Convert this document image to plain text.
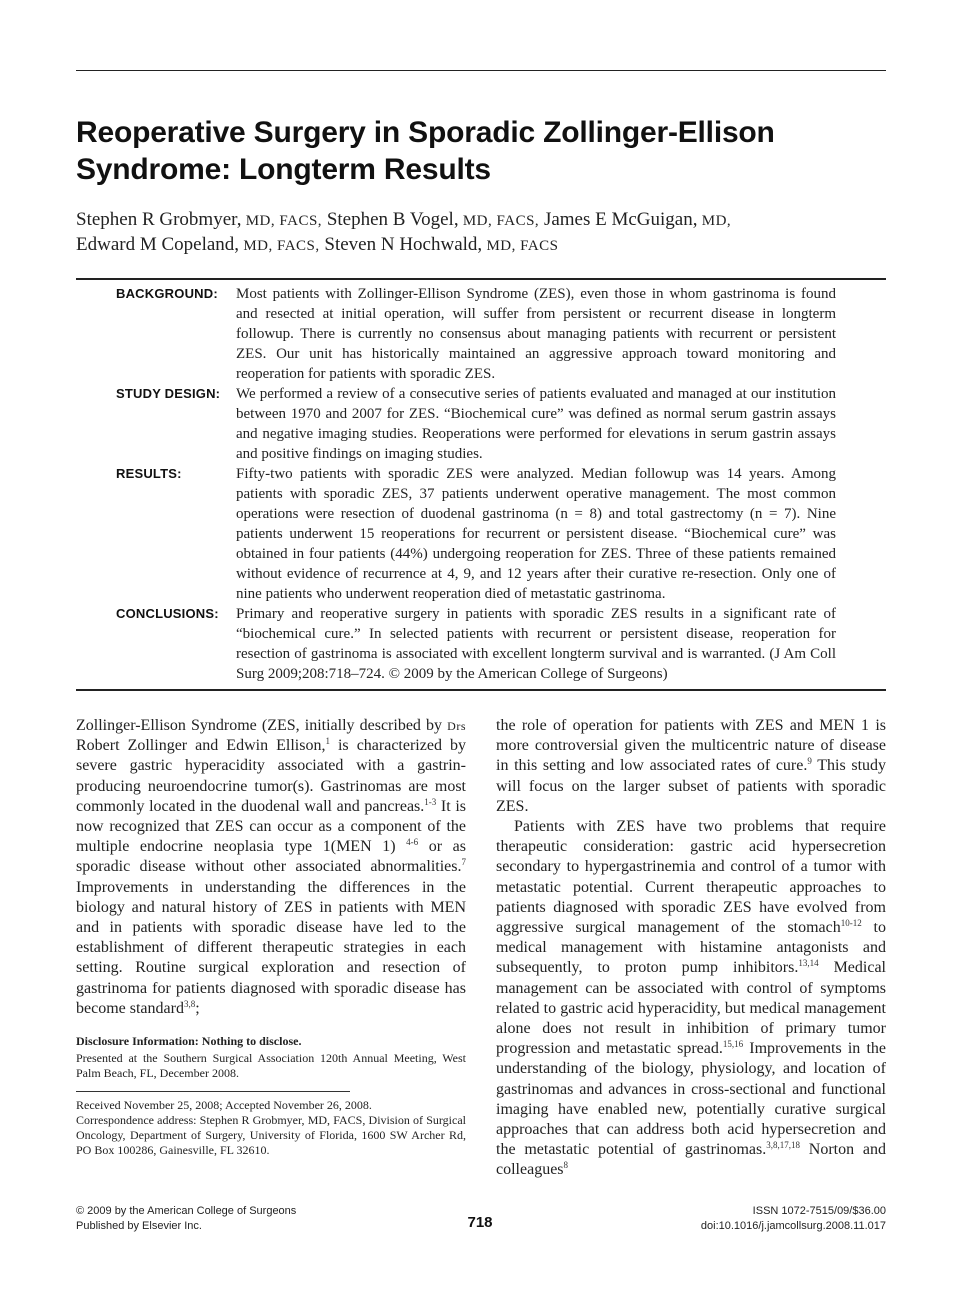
Reoperative Surgery in Sporadic Zollinger-Ellison Syndrome: Longterm Results
Stephen R Grobmyer, MD, FACS, Stephen B Vogel, MD, FACS, James E McGuigan, MD,
Edward M Copeland, MD, FACS, Steven N Hochwald, MD, FACS
BACKGROUND:	Most patients with Zollinger-Ellison Syndrome (ZES), even those in whom gastrinoma is found and resected at initial operation, will suffer from persistent or recurrent disease in longterm followup. There is currently no consensus about managing patients with recurrent or persistent ZES. Our unit has historically maintained an aggressive approach toward monitoring and reoperation for patients with sporadic ZES.
STUDY DESIGN:	We performed a review of a consecutive series of patients evaluated and managed at our institution between 1970 and 2007 for ZES. “Biochemical cure” was defined as normal serum gastrin assays and negative imaging studies. Reoperations were performed for elevations in serum gastrin assays and positive findings on imaging studies.
RESULTS:	Fifty-two patients with sporadic ZES were analyzed. Median followup was 14 years. Among patients with sporadic ZES, 37 patients underwent operative management. The most common operations were resection of duodenal gastrinoma (n = 8) and total gastrectomy (n = 7). Nine patients underwent 15 reoperations for recurrent or persistent disease. “Biochemical cure” was obtained in four patients (44%) undergoing reoperation for ZES. Three of these patients remained without evidence of recurrence at 4, 9, and 12 years after their curative re-resection. Only one of nine patients who underwent reoperation died of metastatic gastrinoma.
CONCLUSIONS:	Primary and reoperative surgery in patients with sporadic ZES results in a significant rate of “biochemical cure.” In selected patients with recurrent or persistent disease, reoperation for resection of gastrinoma is associated with excellent longterm survival and is warranted. (J Am Coll Surg 2009;208:718–724. © 2009 by the American College of Surgeons)

Zollinger-Ellison Syndrome (ZES, initially described by Drs Robert Zollinger and Edwin Ellison,$^1$ is characterized by severe gastric hyperacidity associated with a gastrin-producing neuroendocrine tumor(s). Gastrinomas are most commonly located in the duodenal wall and pancreas.$^{1-3}$ It is now recognized that ZES can occur as a component of the multiple endocrine neoplasia type 1(MEN 1) $^{4-6}$ or as sporadic disease without other associated abnormalities.$^7$ Improvements in understanding the differences in the biology and natural history of ZES in patients with MEN and in patients with sporadic disease have led to the establishment of different therapeutic strategies in each setting. Routine surgical exploration and resection of gastrinoma for patients diagnosed with sporadic disease has become standard$^{3,8}$;

the role of operation for patients with ZES and MEN 1 is more controversial given the multicentric nature of disease in this setting and low associated rates of cure.$^9$ This study will focus on the larger subset of patients with sporadic ZES.

Patients with ZES have two problems that require therapeutic consideration: gastric acid hypersecretion secondary to hypergastrinemia and control of a tumor with metastatic potential. Current therapeutic approaches to patients diagnosed with sporadic ZES have evolved from aggressive surgical management of the stomach$^{10-12}$ to medical management with histamine antagonists and subsequently, to proton pump inhibitors.$^{13,14}$ Medical management can be associated with control of symptoms related to gastric acid hyperacidity, but medical management alone does not result in inhibition of primary tumor progression and metastatic spread.$^{15,16}$ Improvements in the understanding of the biology, physiology, and location of gastrinomas and advances in cross-sectional and functional imaging have enabled new, potentially curative surgical approaches that can address both acid hypersecretion and the metastatic potential of gastrinomas.$^{3,8,17,18}$ Norton and colleagues$^8$

Disclosure Information: Nothing to disclose.

Presented at the Southern Surgical Association 120th Annual Meeting, West Palm Beach, FL, December 2008.

Received November 25, 2008; Accepted November 26, 2008.

Correspondence address: Stephen R Grobmyer, MD, FACS, Division of Surgical Oncology, Department of Surgery, University of Florida, 1600 SW Archer Rd, PO Box 100286, Gainesville, FL 32610.

© 2009 by the American College of Surgeons
Published by Elsevier Inc.	718
ISSN 1072-7515/09/$36.00
doi:10.1016/j.jamcollsurg.2008.11.017
